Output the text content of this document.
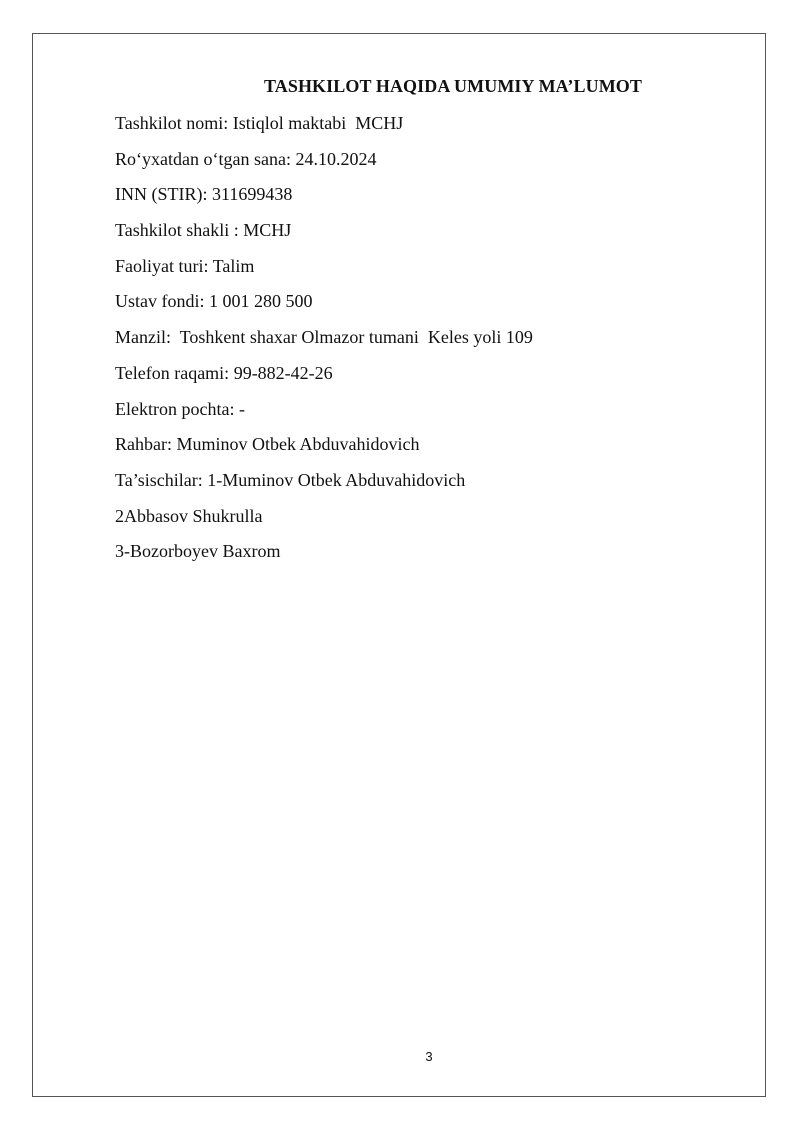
TASHKILOT HAQIDA UMUMIY MA’LUMOT
Tashkilot nomi: Istiqlol maktabi  MCHJ
Ro‘yxatdan o‘tgan sana: 24.10.2024
INN (STIR): 311699438
Tashkilot shakli : MCHJ
Faoliyat turi: Talim
Ustav fondi: 1 001 280 500
Manzil:  Toshkent shaxar Olmazor tumani  Keles yoli 109
Telefon raqami: 99-882-42-26
Elektron pochta: -
Rahbar: Muminov Otbek Abduvahidovich
Ta’sischilar: 1-Muminov Otbek Abduvahidovich
2Abbasov Shukrulla
3-Bozorboyev Baxrom
3
